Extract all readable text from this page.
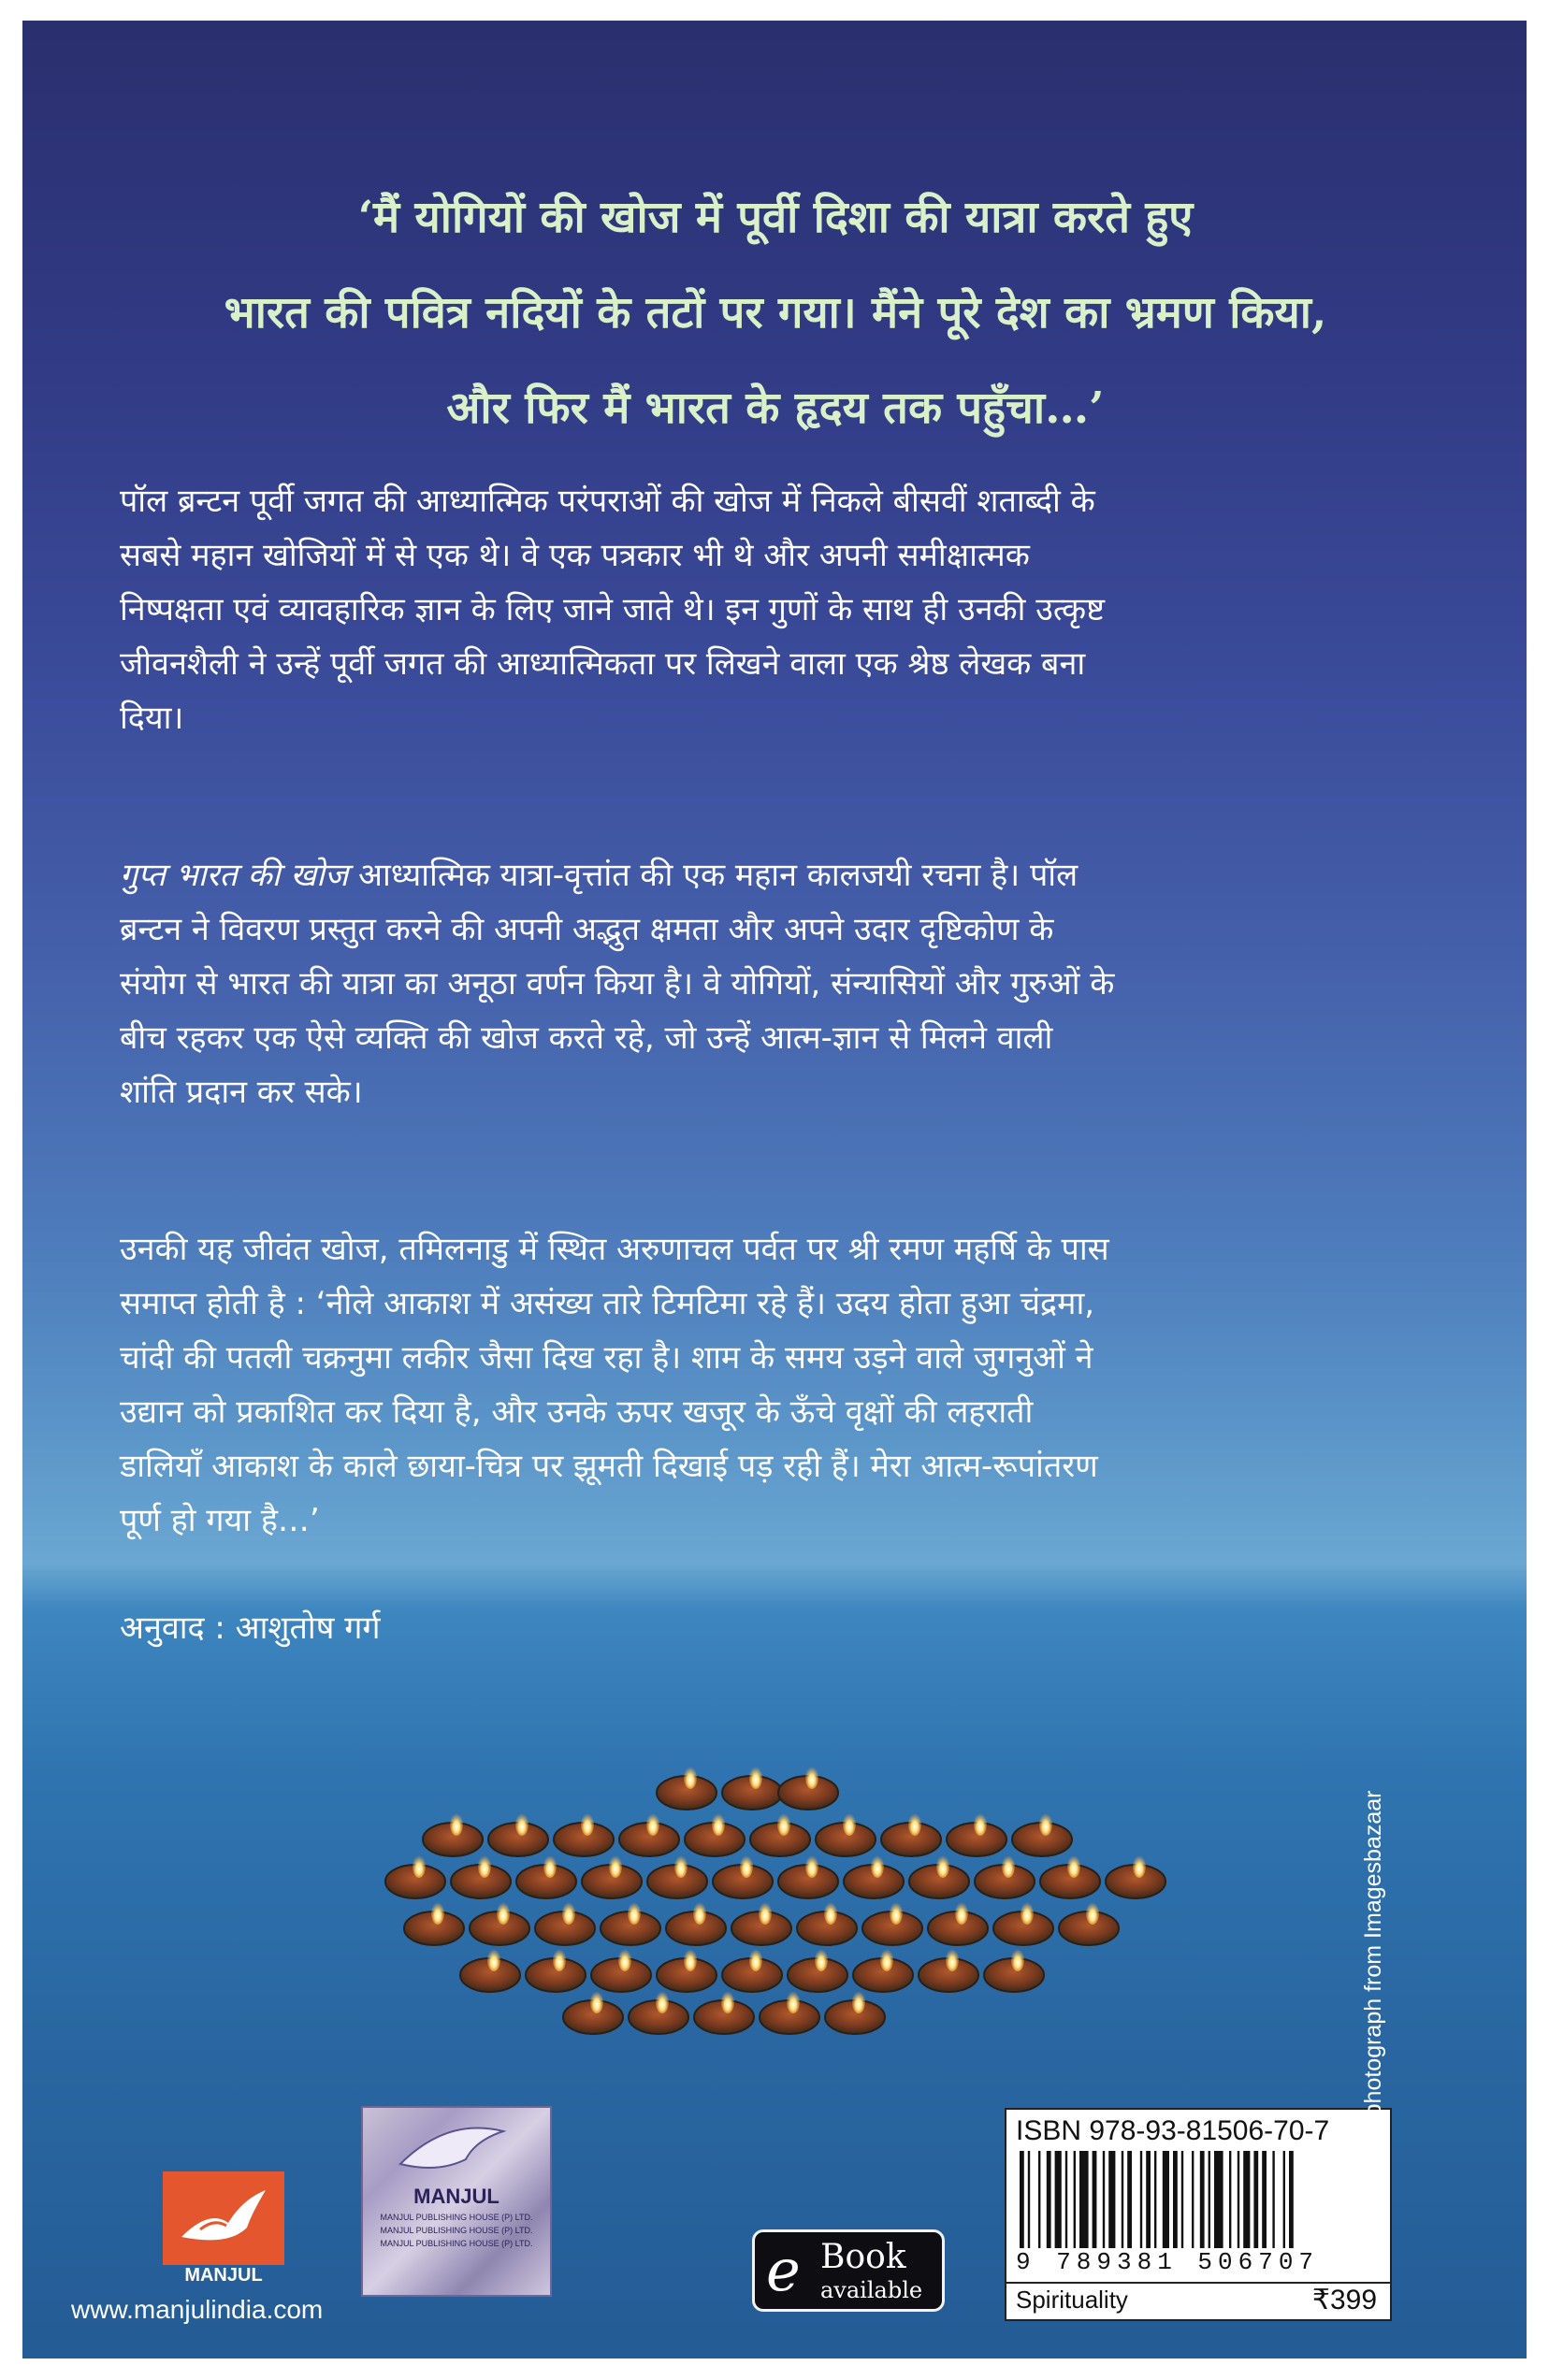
‘मैं योगियों की खोज में पूर्वी दिशा की यात्रा करते हुए
भारत की पवित्र नदियों के तटों पर गया। मैंने पूरे देश का भ्रमण किया,
और फिर मैं भारत के हृदय तक पहुँचा…’
पॉल ब्रन्टन पूर्वी जगत की आध्यात्मिक परंपराओं की खोज में निकले बीसवीं शताब्दी के
सबसे महान खोजियों में से एक थे। वे एक पत्रकार भी थे और अपनी समीक्षात्मक
निष्पक्षता एवं व्यावहारिक ज्ञान के लिए जाने जाते थे। इन गुणों के साथ ही उनकी उत्कृष्ट
जीवनशैली ने उन्हें पूर्वी जगत की आध्यात्मिकता पर लिखने वाला एक श्रेष्ठ लेखक बना
दिया।
गुप्त भारत की खोज आध्यात्मिक यात्रा-वृत्तांत की एक महान कालजयी रचना है। पॉल
ब्रन्टन ने विवरण प्रस्तुत करने की अपनी अद्भुत क्षमता और अपने उदार दृष्टिकोण के
संयोग से भारत की यात्रा का अनूठा वर्णन किया है। वे योगियों, संन्यासियों और गुरुओं के
बीच रहकर एक ऐसे व्यक्ति की खोज करते रहे, जो उन्हें आत्म-ज्ञान से मिलने वाली
शांति प्रदान कर सके।
उनकी यह जीवंत खोज, तमिलनाडु में स्थित अरुणाचल पर्वत पर श्री रमण महर्षि के पास
समाप्त होती है : ‘नीले आकाश में असंख्य तारे टिमटिमा रहे हैं। उदय होता हुआ चंद्रमा,
चांदी की पतली चक्रनुमा लकीर जैसा दिख रहा है। शाम के समय उड़ने वाले जुगनुओं ने
उद्यान को प्रकाशित कर दिया है, और उनके ऊपर खजूर के ऊँचे वृक्षों की लहराती
डालियाँ आकाश के काले छाया-चित्र पर झूमती दिखाई पड़ रही हैं। मेरा आत्म-रूपांतरण
पूर्ण हो गया है…’
अनुवाद : आशुतोष गर्ग
MANJUL
www.manjulindia.com
MANJUL
MANJUL PUBLISHING HOUSE (P) LTD.
MANJUL PUBLISHING HOUSE (P) LTD.
MANJUL PUBLISHING HOUSE (P) LTD.	e Book
available
ISBN 978-93-81506-70-7
9 789381 506707
Spirituality	₹399
Cover photograph from Imagesbazaar
